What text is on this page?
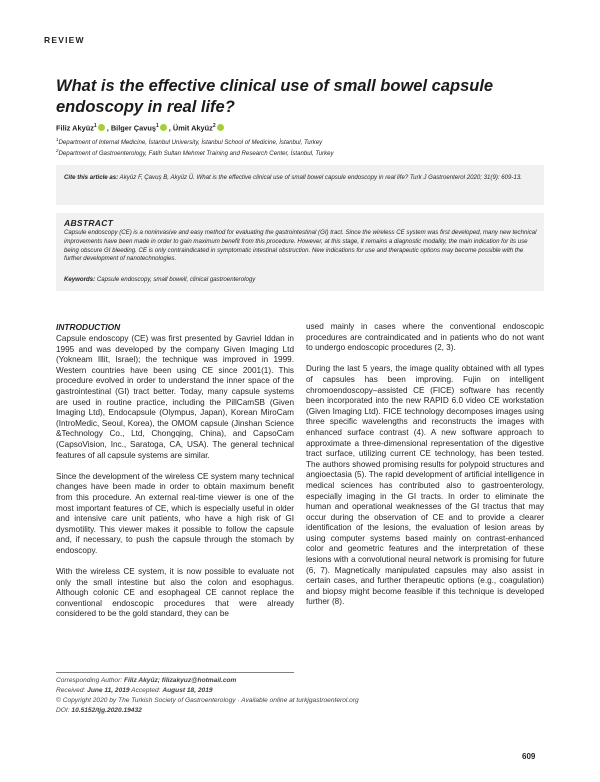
REVIEW
What is the effective clinical use of small bowel capsule endoscopy in real life?
Filiz Akyüz$^1$ , Bilger Çavuş$^1$ , Ümit Akyüz$^2$
$^1$Department of Internal Medicine, İstanbul University, İstanbul School of Medicine, İstanbul, Turkey
$^2$Department of Gastroenterology, Fatih Sultan Mehmet Training and Research Center, İstanbul, Turkey
Cite this article as: Akyüz F, Çavuş B, Akyüz Ü. What is the effective clinical use of small bowel capsule endoscopy in real life? Turk J Gastroenterol 2020; 31(9): 609-13.
ABSTRACT
Capsule endoscopy (CE) is a noninvasive and easy method for evaluating the gastrointestinal (GI) tract. Since the wireless CE system was first developed, many new technical improvements have been made in order to gain maximum benefit from this procedure. However, at this stage, it remains a diagnostic modality, the main indication for its use being obscure GI bleeding. CE is only contraindicated in symptomatic intestinal obstruction. New indications for use and therapeutic options may become possible with the further development of nanotechnologies.
Keywords: Capsule endoscopy, small bowell, clinical gastroenterology
INTRODUCTION

Capsule endoscopy (CE) was first presented by Gavriel Iddan in 1995 and was developed by the company Given Imaging Ltd (Yokneam Illit, Israel); the technique was improved in 1999. Western countries have been using CE since 2001(1). This procedure evolved in order to understand the inner space of the gastrointestinal (GI) tract better. Today, many capsule systems are used in routine practice, including the PillCamSB (Given Imaging Ltd), Endocapsule (Olympus, Japan), Korean MiroCam (IntroMedic, Seoul, Korea), the OMOM capsule (Jinshan Science &Technology Co., Ltd, Chongqing, China), and CapsoCam (CapsoVision, Inc., Saratoga, CA, USA). The general technical features of all capsule systems are similar.

Since the development of the wireless CE system many technical changes have been made in order to obtain maximum benefit from this procedure. An external real-time viewer is one of the most important features of CE, which is especially useful in older and intensive care unit patients, who have a high risk of GI dysmotility. This viewer makes it possible to follow the capsule and, if necessary, to push the capsule through the stomach by endoscopy.

With the wireless CE system, it is now possible to evaluate not only the small intestine but also the colon and esophagus. Although colonic CE and esophageal CE cannot replace the conventional endoscopic procedures that were already considered to be the gold standard, they can be

used mainly in cases where the conventional endoscopic procedures are contraindicated and in patients who do not want to undergo endoscopic procedures (2, 3).

During the last 5 years, the image quality obtained with all types of capsules has been improving. Fujin on intelligent chromoendoscopy–assisted CE (FICE) software has recently been incorporated into the new RAPID 6.0 video CE workstation (Given Imaging Ltd). FICE technology decomposes images using three specific wavelengths and reconstructs the images with enhanced surface contrast (4). A new software approach to approximate a three-dimensional representation of the digestive tract surface, utilizing current CE technology, has been tested. The authors showed promising results for polypoid structures and angioectasia (5). The rapid development of artificial intelligence in medical sciences has contributed also to gastroenterology, especially imaging in the GI tracts. In order to eliminate the human and operational weaknesses of the GI tractus that may occur during the observation of CE and to provide a clearer identification of the lesions, the evaluation of lesion areas by using computer systems based mainly on contrast-enhanced color and geometric features and the interpretation of these lesions with a convolutional neural network is promising for future (6, 7). Magnetically manipulated capsules may also assist in certain cases, and further therapeutic options (e.g., coagulation) and biopsy might become feasible if this technique is developed further (8).

Corresponding Author: Filiz Akyüz; filizakyuz@hotmail.com
Received: June 11, 2019 Accepted: August 18, 2019
© Copyright 2020 by The Turkish Society of Gastroenterology · Available online at turkjgastroenterol.org
DOI: 10.5152/tjg.2020.19432
609
